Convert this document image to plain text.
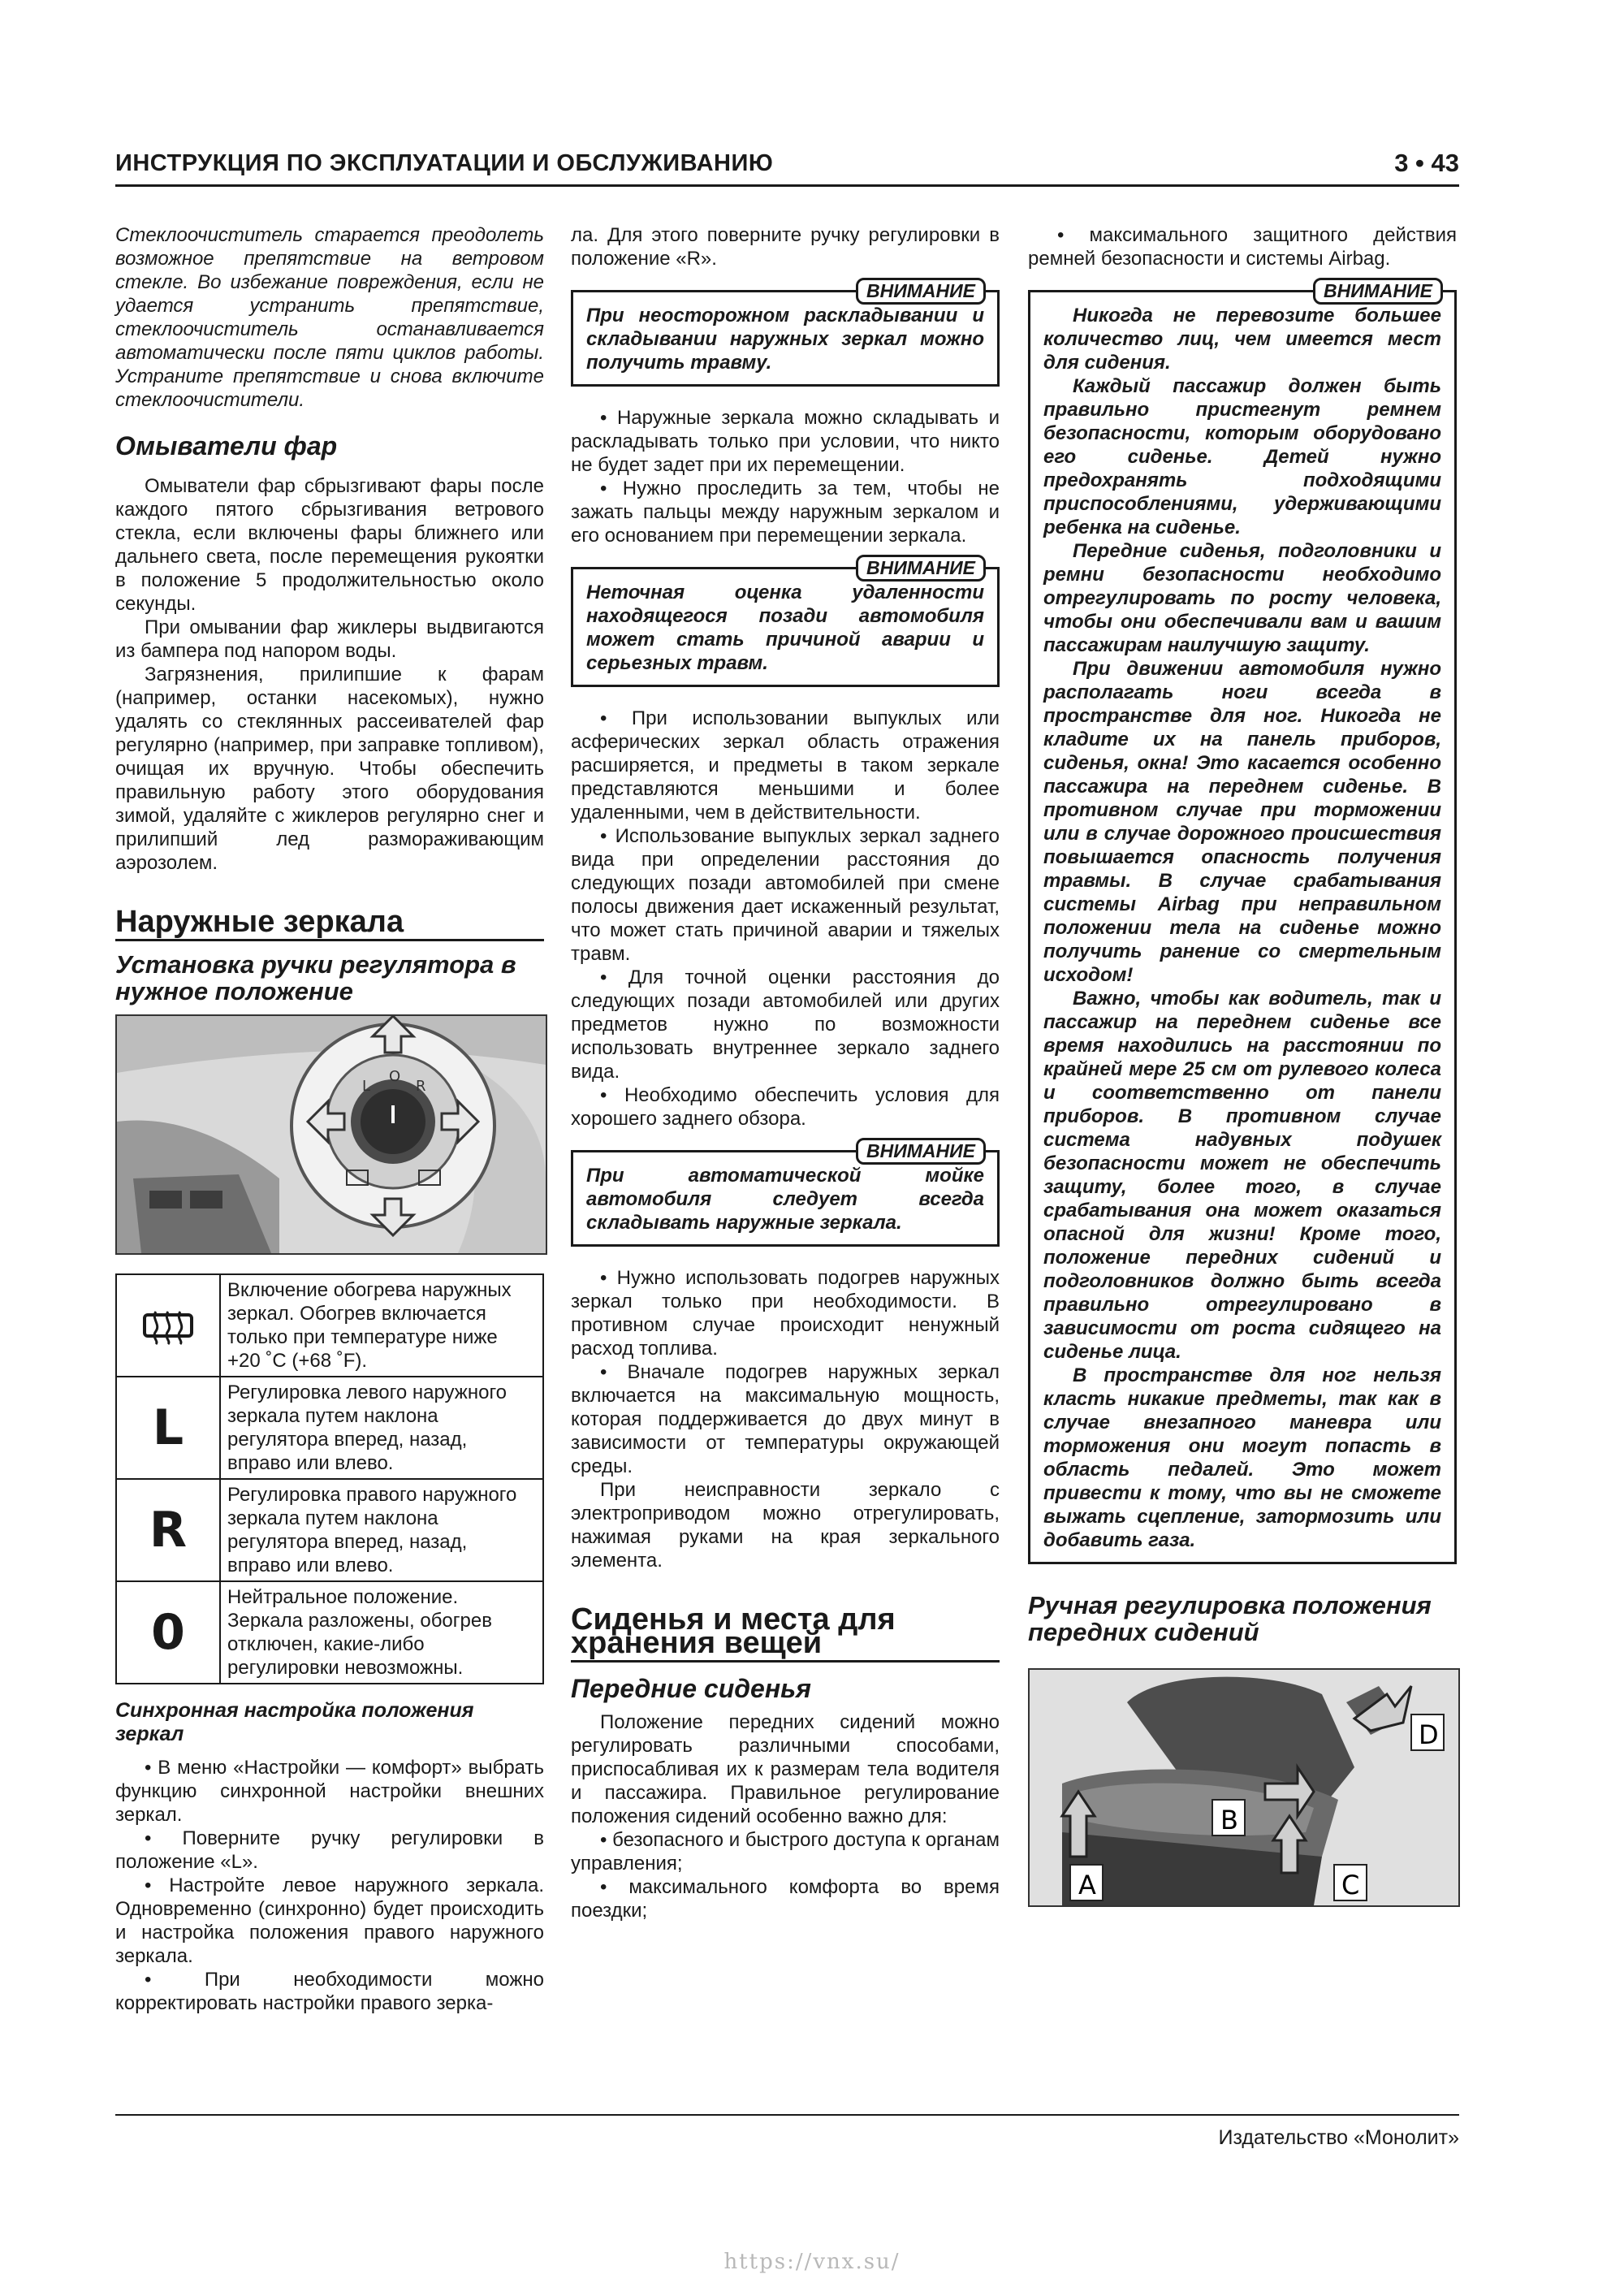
ИНСТРУКЦИЯ ПО ЭКСПЛУАТАЦИИ И ОБСЛУЖИВАНИЮ	3 • 43

Стеклоочиститель старается преодолеть возможное препятствие на ветровом стекле. Во избежание повреждения, если не удается устранить препятствие, стеклоочиститель останавливается автоматически после пяти циклов работы. Устраните препятствие и снова включите стеклоочистители.

Омыватели фар

Омыватели фар сбрызгивают фары после каждого пятого сбрызгивания ветрового стекла, если включены фары ближнего или дальнего света, после перемещения рукоятки в положение 5 продолжительностью около секунды.

При омывании фар жиклеры выдвигаются из бампера под напором воды.

Загрязнения, прилипшие к фарам (например, останки насекомых), нужно удалять со стеклянных рассеивателей фар регулярно (например, при заправке топливом), очищая их вручную. Чтобы обеспечить правильную работу этого оборудования зимой, удаляйте с жиклеров регулярно снег и прилипший лед размораживающим аэрозолем.

Наружные зеркала
Установка ручки регулятора в нужное положение
L
O
R
	Включение обогрева наружных зеркал. Обогрев включается только при температуре ниже +20 ˚C (+68 ˚F).
L	Регулировка левого наружного зеркала путем наклона регулятора вперед, назад, вправо или влево.
R	Регулировка правого наружного зеркала путем наклона регулятора вперед, назад, вправо или влево.
0	Нейтральное положение. Зеркала разложены, обогрев отключен, какие-либо регулировки невозможны.
Синхронная настройка положения зеркал

• В меню «Настройки — комфорт» выбрать функцию синхронной настройки внешних зеркал.

• Поверните ручку регулировки в положение «L».

• Настройте левое наружного зеркала. Одновременно (синхронно) будет происходить и настройка положения правого наружного зеркала.

• При необходимости можно корректировать настройки правого зерка-

ла. Для этого поверните ручку регулировки в положение «R».

ВНИМАНИЕ
При неосторожном раскладывании и складывании наружных зеркал можно получить травму.

• Наружные зеркала можно складывать и раскладывать только при условии, что никто не будет задет при их перемещении.

• Нужно проследить за тем, чтобы не зажать пальцы между наружным зеркалом и его основанием при перемещении зеркала.

ВНИМАНИЕ
Неточная оценка удаленности находящегося позади автомобиля может стать причиной аварии и серьезных травм.

• При использовании выпуклых или асферических зеркал область отражения расширяется, и предметы в таком зеркале представляются меньшими и более удаленными, чем в действительности.

• Использование выпуклых зеркал заднего вида при определении расстояния до следующих позади автомобилей при смене полосы движения дает искаженный результат, что может стать причиной аварии и тяжелых травм.

• Для точной оценки расстояния до следующих позади автомобилей или других предметов нужно по возможности использовать внутреннее зеркало заднего вида.

• Необходимо обеспечить условия для хорошего заднего обзора.

ВНИМАНИЕ
При автоматической мойке автомобиля следует всегда складывать наружные зеркала.

• Нужно использовать подогрев наружных зеркал только при необходимости. В противном случае происходит ненужный расход топлива.

• Вначале подогрев наружных зеркал включается на максимальную мощность, которая поддерживается до двух минут в зависимости от температуры окружающей среды.

При неисправности зеркало с электроприводом можно отрегулировать, нажимая руками на края зеркального элемента.

Сиденья и места для хранения вещей
Передние сиденья

Положение передних сидений можно регулировать различными способами, приспосабливая их к размерам тела водителя и пассажира. Правильное регулирование положения сидений особенно важно для:

• безопасного и быстрого доступа к органам управления;

• максимального комфорта во время поездки;

• максимального защитного действия ремней безопасности и системы Airbag.

ВНИМАНИЕ

Никогда не перевозите большее количество лиц, чем имеется мест для сидения.

Каждый пассажир должен быть правильно пристегнут ремнем безопасности, которым оборудовано его сиденье. Детей нужно предохранять подходящими приспособлениями, удерживающими ребенка на сиденье.

Передние сиденья, подголовники и ремни безопасности необходимо отрегулировать по росту человека, чтобы они обеспечивали вам и вашим пассажирам наилучшую защиту.

При движении автомобиля нужно располагать ноги всегда в пространстве для ног. Никогда не кладите их на панель приборов, сиденья, окна! Это касается особенно пассажира на переднем сиденье. В противном случае при торможении или в случае дорожного происшествия повышается опасность получения травмы. В случае срабатывания системы Airbag при неправильном положении тела на сиденье можно получить ранение со смертельным исходом!

Важно, чтобы как водитель, так и пассажир на переднем сиденье все время находились на расстоянии по крайней мере 25 см от рулевого колеса и соответственно от панели приборов. В противном случае система надувных подушек безопасности может не обеспечить защиту, более того, в случае срабатывания она может оказаться опасной для жизни! Кроме того, положение передних сидений и подголовников должно быть всегда правильно отрегулировано в зависимости от роста сидящего на сиденье лица.

В пространстве для ног нельзя класть никакие предметы, так как в случае внезапного маневра или торможения они могут попасть в область педалей. Это может привести к тому, что вы не сможете выжать сцепление, затормозить или добавить газа.

Ручная регулировка положения передних сидений
A
B
C
D
Издательство «Монолит»
https://vnx.su/
